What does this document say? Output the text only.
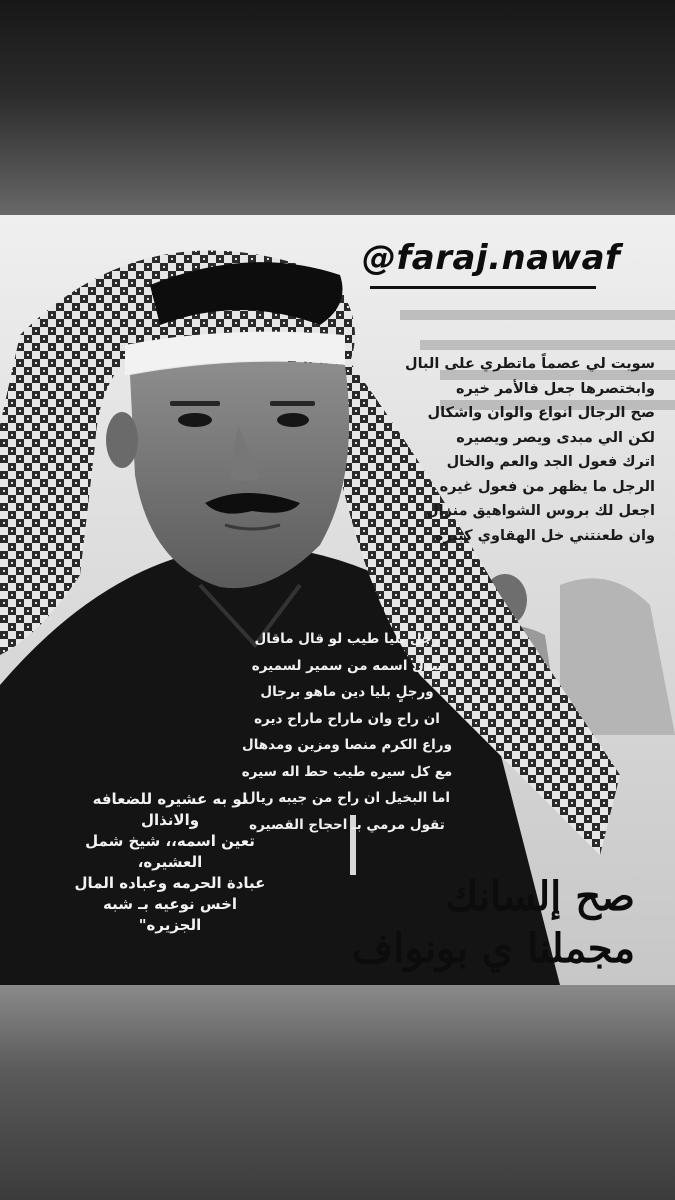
@faraj.nawaf
سويت لي عصماً ماتطري على البال
وابختصرها جعل فالأمر خيره
صح الرجال انواع والوان واشكال
لكن الي مبدى ويصر ويصيره
اترك فعول الجد والعم والخال
الرجل ما يظهر من فعول غيره
اجعل لك بروس الشواهيق منزال
وان طعنتني خل الهقاوي كبيره
رجل بليا طيب لو قال ماقال
يبدل اسمه من سمير لسميره
ورجلٍ بليا دين ماهو برجال
ان راح وان ماراح ماراح ديره
وراع الكرم منصا ومزين ومدهال
مع كل سيره طيب حط اله سيره
اما البخيل ان راح من جيبه ريال
تقول مرمي بـ احجاج القصيره
لو به عشيره للضعافه والانذال
تعين اسمه،، شيخ شمل العشيره،
عبادة الحرمه وعباده المال
اخس نوعيه بـ شبه الجزيره"
صح إلسانك
مجملنا ي بونواف
